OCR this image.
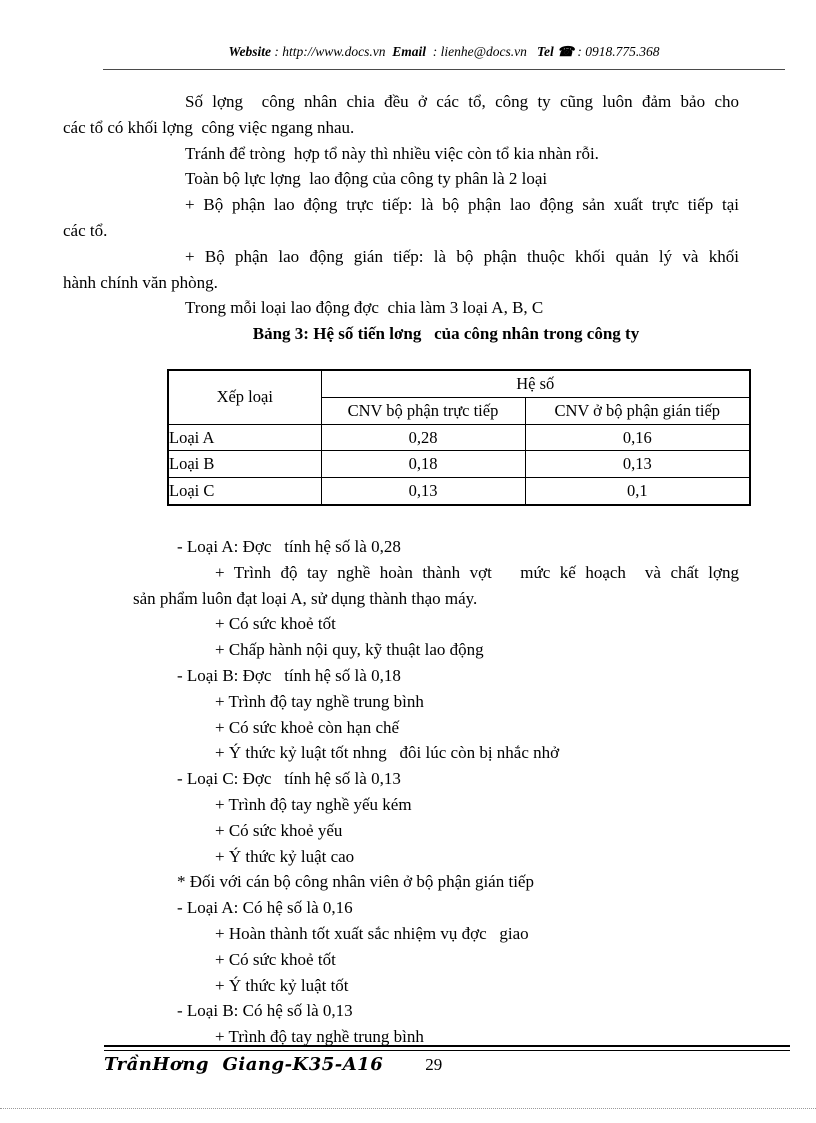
Website : http://www.docs.vn  Email  : lienhe@docs.vn   Tel ☎ : 0918.775.368
Số lợng  công nhân chia đều ở các tổ, công ty cũng luôn đảm bảo cho
các tổ có khối lợng  công việc ngang nhau.
Tránh để tròng  hợp tổ này thì nhiều việc còn tổ kia nhàn rỗi.
Toàn bộ lực lợng  lao động của công ty phân là 2 loại
+ Bộ phận lao động trực tiếp: là bộ phận lao động sản xuất trực tiếp tại
các tổ.
+ Bộ phận lao động gián tiếp: là bộ phận thuộc khối quản lý và khối
hành chính văn phòng.
Trong mỗi loại lao động đợc  chia làm 3 loại A, B, C
Bảng 3: Hệ số tiến lơng   của công nhân trong công ty
Xếp loại	Hệ số	
	CNV bộ phận trực tiếp	CNV ở bộ phận gián tiếp
Loại A	0,28	0,16
Loại B	0,18	0,13
Loại C	0,13	0,1
- Loại A: Đợc   tính hệ số là 0,28
+ Trình độ tay nghề hoàn thành vợt   mức kế hoạch  và chất lợng
sản phẩm luôn đạt loại A, sử dụng thành thạo máy.
+ Có sức khoẻ tốt
+ Chấp hành nội quy, kỹ thuật lao động
- Loại B: Đợc   tính hệ số là 0,18
+ Trình độ tay nghề trung bình
+ Có sức khoẻ còn hạn chế
+ Ý thức kỷ luật tốt nhng   đôi lúc còn bị nhắc nhở
- Loại C: Đợc   tính hệ số là 0,13
+ Trình độ tay nghề yếu kém
+ Có sức khoẻ yếu
+ Ý thức kỷ luật cao
* Đối với cán bộ công nhân viên ở bộ phận gián tiếp
- Loại A: Có hệ số là 0,16
+ Hoàn thành tốt xuất sắc nhiệm vụ đợc   giao
+ Có sức khoẻ tốt
+ Ý thức kỷ luật tốt
- Loại B: Có hệ số là 0,13
+ Trình độ tay nghề trung bình
TrầnHơng  Giang-K35-A16 29
